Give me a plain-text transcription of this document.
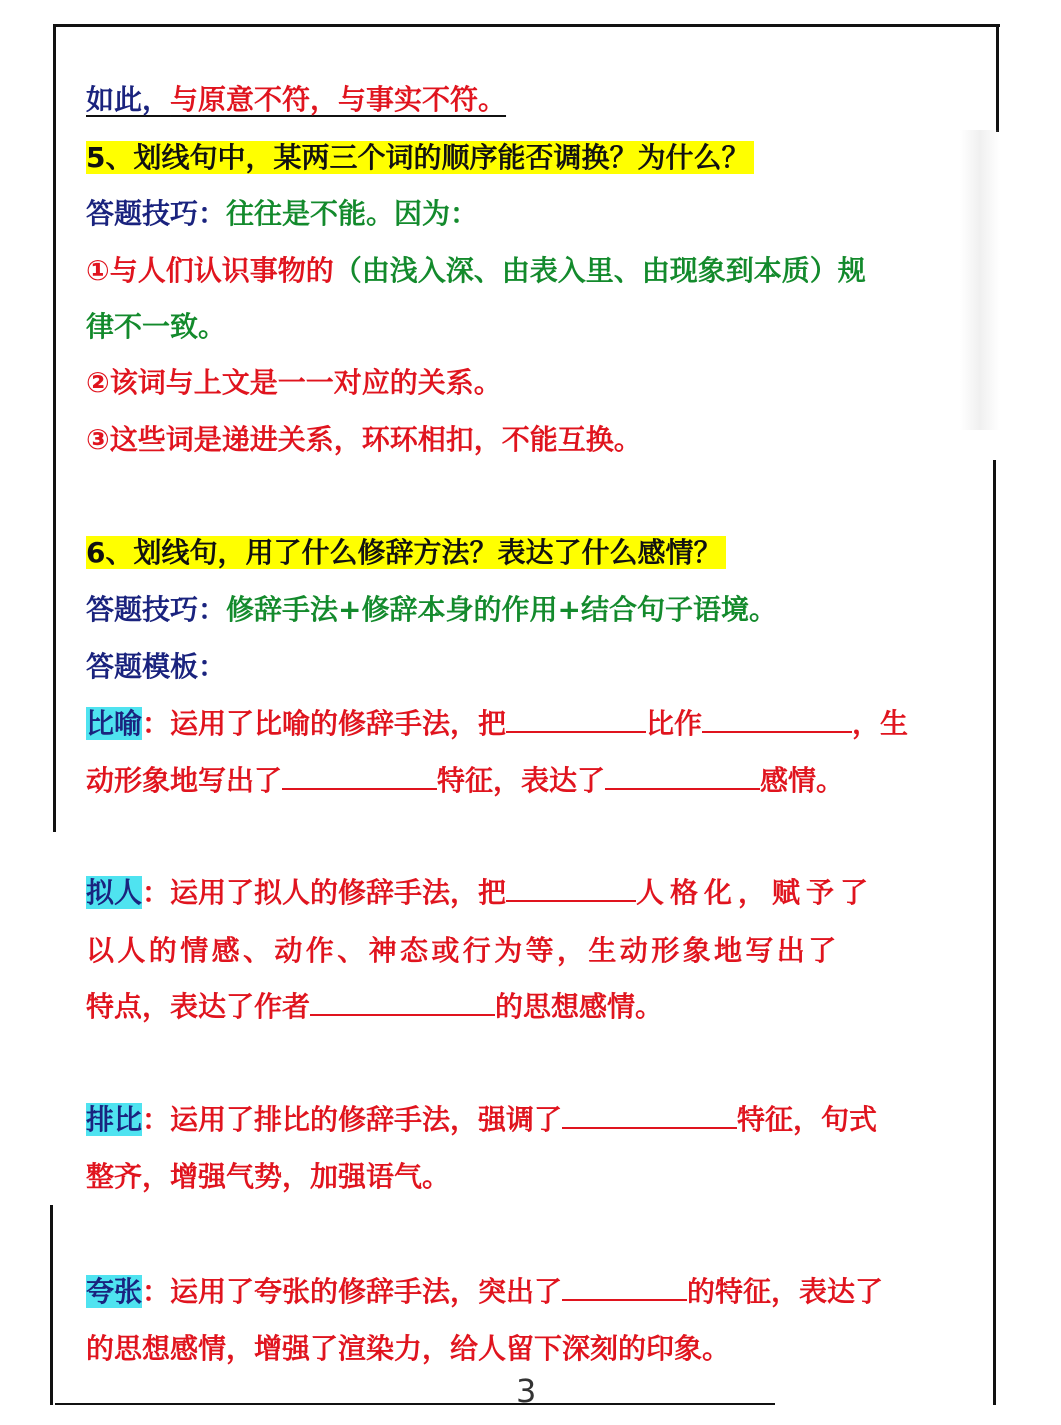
如此，与原意不符，与事实不符。
5、划线句中，某两三个词的顺序能否调换？为什么？
答题技巧：往往是不能。因为：
①与人们认识事物的（由浅入深、由表入里、由现象到本质）规
律不一致。
②该词与上文是一一对应的关系。
③这些词是递进关系，环环相扣，不能互换。
6、划线句，用了什么修辞方法？表达了什么感情？
答题技巧：修辞手法+修辞本身的作用+结合句子语境。
答题模板：
比喻：运用了比喻的修辞手法，把	比作	，生
动形象地写出了	特征，表达了	感情。
拟人：运用了拟人的修辞手法，把	人格化，赋予了
以人的情感、动作、神态或行为等，生动形象地写出了
特点，表达了作者	的思想感情。
排比：运用了排比的修辞手法，强调了	特征，句式
整齐，增强气势，加强语气。
夸张：运用了夸张的修辞手法，突出了	的特征，表达了
的思想感情，增强了渲染力，给人留下深刻的印象。
3
